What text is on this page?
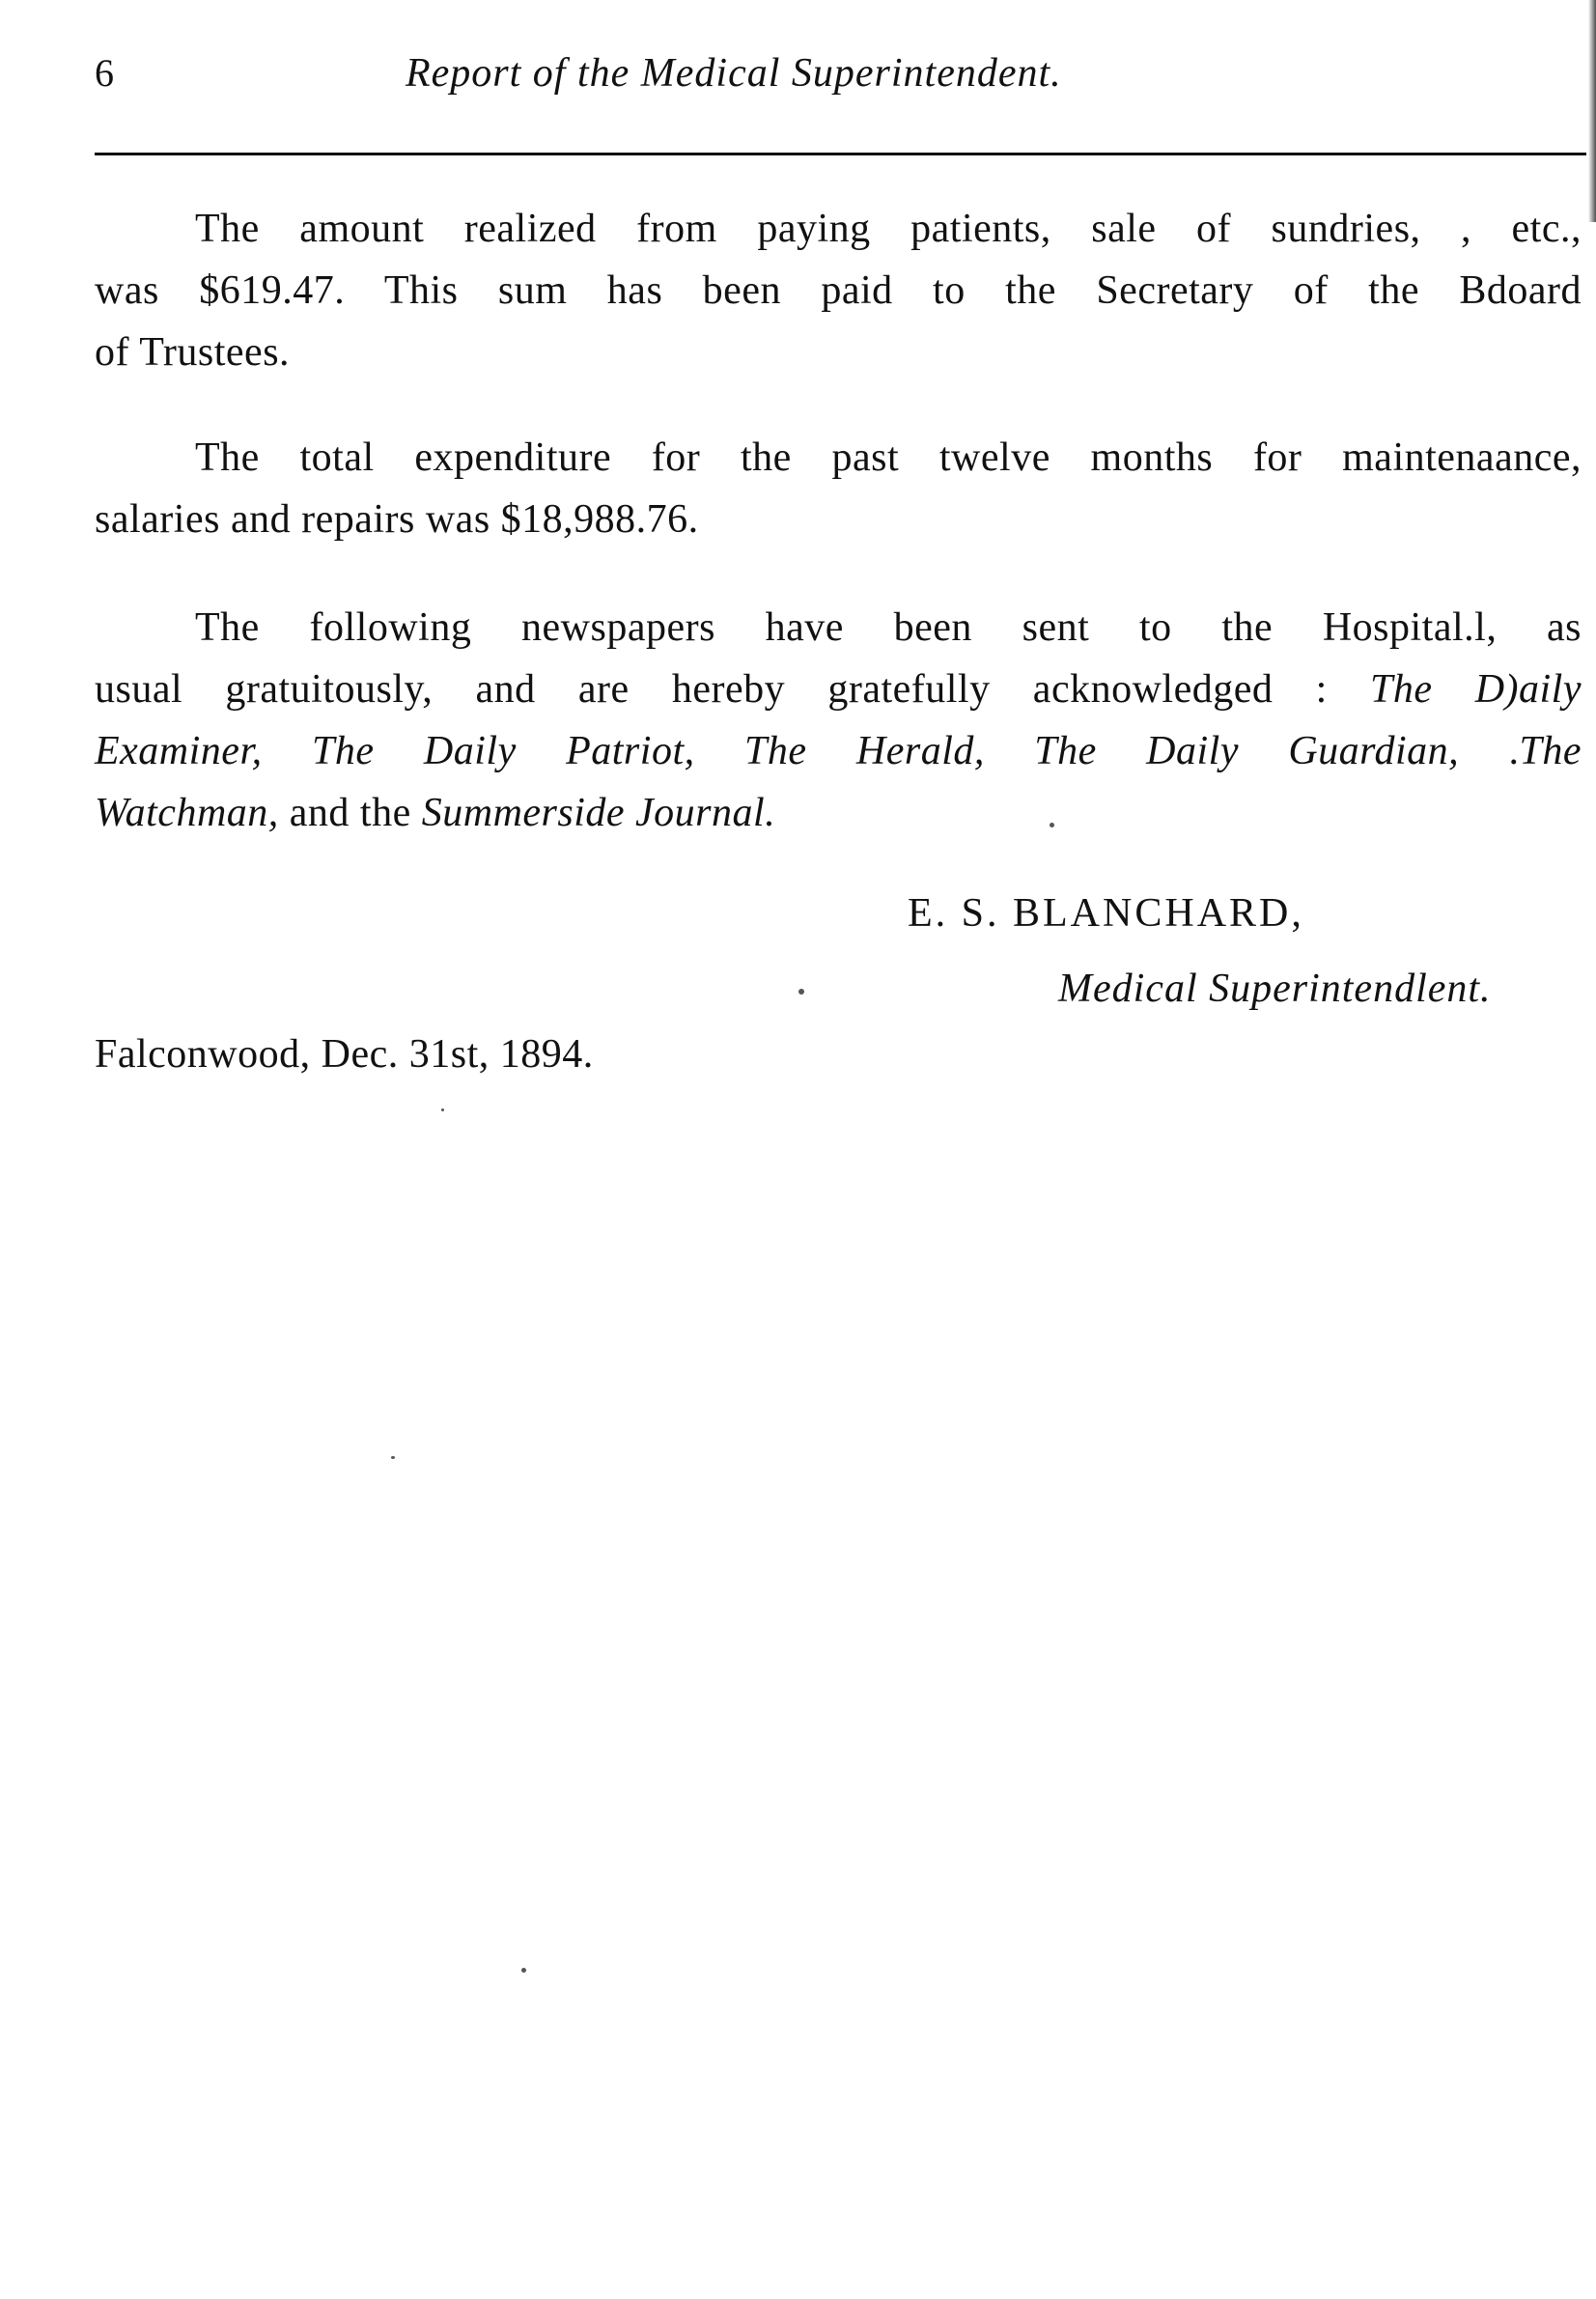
6	Report of the Medical Superintendent.
The amount realized from paying patients, sale of sundries, , etc.,
was $619.47. This sum has been paid to the Secretary of the Bdoard
of Trustees.
The total expenditure for the past twelve months for maintenaance,
salaries and repairs was $18,988.76.
The following newspapers have been sent to the Hospital.l, as
usual gratuitously, and are hereby gratefully acknowledged : The D)aily
Examiner, The Daily Patriot, The Herald, The Daily Guardian, .The
Watchman, and the Summerside Journal.
E. S. BLANCHARD,
Medical Superintendlent.
Falconwood, Dec. 31st, 1894.
